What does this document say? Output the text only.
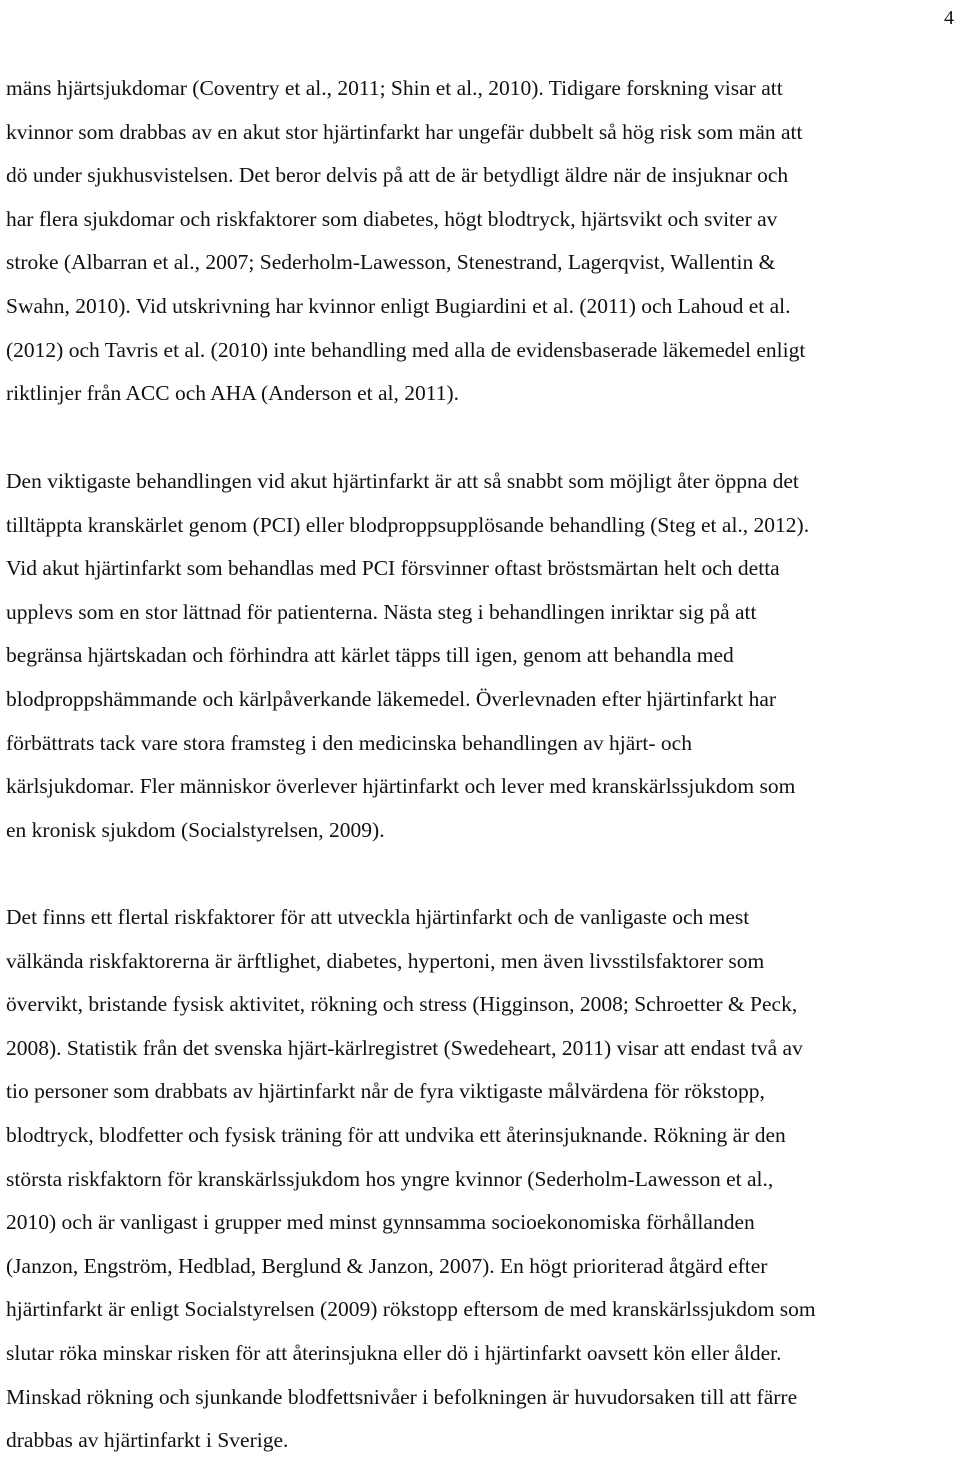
4
mäns hjärtsjukdomar (Coventry et al., 2011; Shin et al., 2010). Tidigare forskning visar att
kvinnor som drabbas av en akut stor hjärtinfarkt har ungefär dubbelt så hög risk som män att
dö under sjukhusvistelsen. Det beror delvis på att de är betydligt äldre när de insjuknar och
har flera sjukdomar och riskfaktorer som diabetes, högt blodtryck, hjärtsvikt och sviter av
stroke (Albarran et al., 2007; Sederholm-Lawesson, Stenestrand, Lagerqvist, Wallentin &
Swahn, 2010). Vid utskrivning har kvinnor enligt Bugiardini et al. (2011) och Lahoud et al.
(2012) och Tavris et al. (2010) inte behandling med alla de evidensbaserade läkemedel enligt
riktlinjer från ACC och AHA (Anderson et al, 2011).
Den viktigaste behandlingen vid akut hjärtinfarkt är att så snabbt som möjligt åter öppna det
tilltäppta kranskärlet genom (PCI) eller blodproppsupplösande behandling (Steg et al., 2012).
Vid akut hjärtinfarkt som behandlas med PCI försvinner oftast bröstsmärtan helt och detta
upplevs som en stor lättnad för patienterna. Nästa steg i behandlingen inriktar sig på att
begränsa hjärtskadan och förhindra att kärlet täpps till igen, genom att behandla med
blodproppshämmande och kärlpåverkande läkemedel. Överlevnaden efter hjärtinfarkt har
förbättrats tack vare stora framsteg i den medicinska behandlingen av hjärt- och
kärlsjukdomar. Fler människor överlever hjärtinfarkt och lever med kranskärlssjukdom som
en kronisk sjukdom (Socialstyrelsen, 2009).
Det finns ett flertal riskfaktorer för att utveckla hjärtinfarkt och de vanligaste och mest
välkända riskfaktorerna är ärftlighet, diabetes, hypertoni, men även livsstilsfaktorer som
övervikt, bristande fysisk aktivitet, rökning och stress (Higginson, 2008; Schroetter & Peck,
2008). Statistik från det svenska hjärt-kärlregistret (Swedeheart, 2011) visar att endast två av
tio personer som drabbats av hjärtinfarkt når de fyra viktigaste målvärdena för rökstopp,
blodtryck, blodfetter och fysisk träning för att undvika ett återinsjuknande. Rökning är den
största riskfaktorn för kranskärlssjukdom hos yngre kvinnor (Sederholm-Lawesson et al.,
2010) och är vanligast i grupper med minst gynnsamma socioekonomiska förhållanden
(Janzon, Engström, Hedblad, Berglund & Janzon, 2007). En högt prioriterad åtgärd efter
hjärtinfarkt är enligt Socialstyrelsen (2009) rökstopp eftersom de med kranskärlssjukdom som
slutar röka minskar risken för att återinsjukna eller dö i hjärtinfarkt oavsett kön eller ålder.
Minskad rökning och sjunkande blodfettsnivåer i befolkningen är huvudorsaken till att färre
drabbas av hjärtinfarkt i Sverige.
